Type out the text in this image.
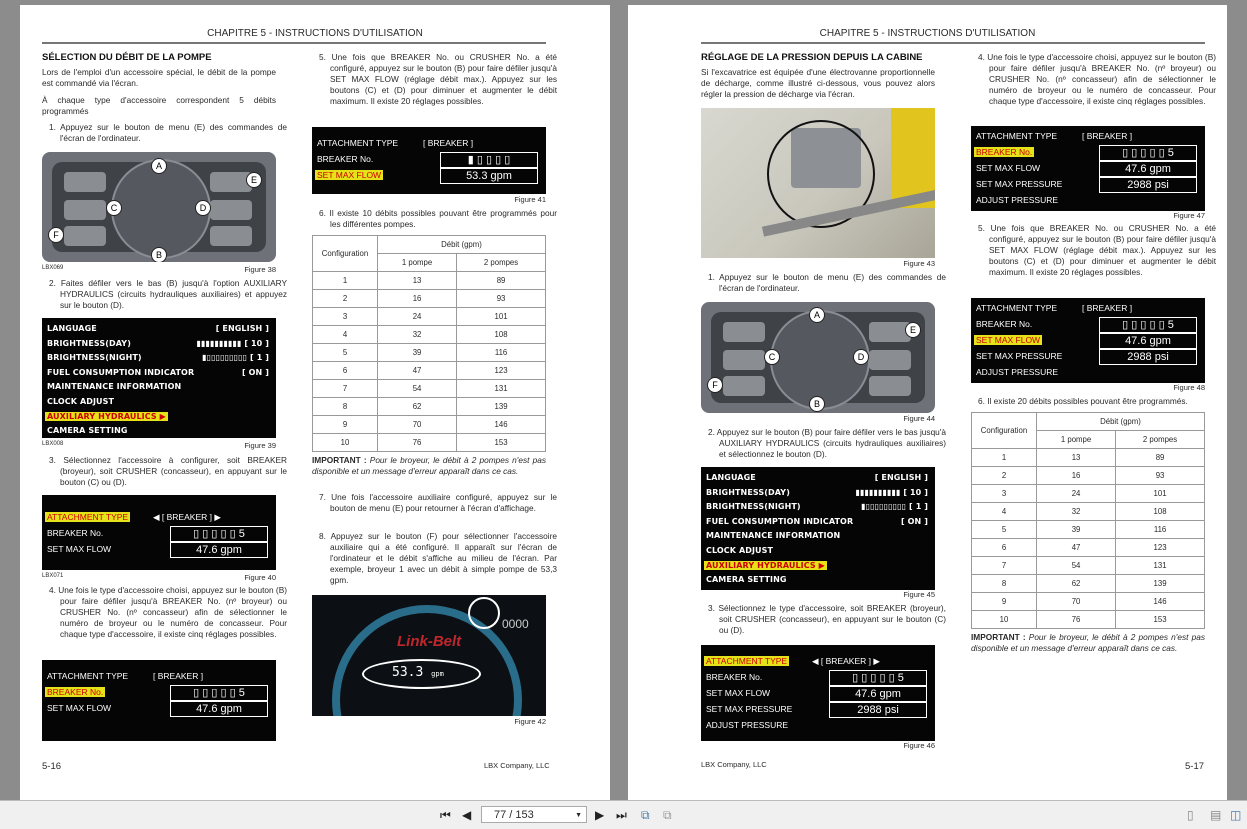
CHAPITRE 5 - INSTRUCTIONS D'UTILISATION	CHAPITRE 5 - INSTRUCTIONS D'UTILISATION
SÉLECTION DU DÉBIT DE LA POMPE
Lors de l'emploi d'un accessoire spécial, le débit de la pompe est commandé via l'écran.
À chaque type d'accessoire correspondent 5 débits programmés
1. Appuyez sur le bouton de menu (E) des commandes de l'écran de l'ordinateur.
A
B
C	D
E
F
LBX069	Figure 38
2. Faites défiler vers le bas (B) jusqu'à l'option AUXILIARY HYDRAULICS (circuits hydrauliques auxiliaires) et appuyez sur le bouton (D).
LANGUAGE	[ ENGLISH ]
BRIGHTNESS(DAY)	▮▮▮▮▮▮▮▮▮▮ [ 10 ]
BRIGHTNESS(NIGHT)	▮▯▯▯▯▯▯▯▯▯ [ 1 ]
FUEL CONSUMPTION INDICATOR	[ ON ]
MAINTENANCE INFORMATION
CLOCK ADJUST
AUXILIARY HYDRAULICS ▶
CAMERA SETTING
LBX008	Figure 39
3. Sélectionnez l'accessoire à configurer, soit BREAKER (broyeur), soit CRUSHER (concasseur), en appuyant sur le bouton (C) ou (D).
ATTACHMENT TYPE	◀ [ BREAKER ] ▶
BREAKER No.	▯ ▯ ▯ ▯ ▯ 5
SET MAX FLOW	47.6 gpm
LBX071	Figure 40
4. Une fois le type d'accessoire choisi, appuyez sur le bouton (B) pour faire défiler jusqu'à BREAKER No. (nº broyeur) ou CRUSHER No. (nº concasseur) afin de sélectionner le numéro de broyeur ou le numéro de concasseur. Pour chaque type d'accessoire, il existe cinq réglages possibles.
ATTACHMENT TYPE	[ BREAKER ]
BREAKER No.	▯ ▯ ▯ ▯ ▯ 5
SET MAX FLOW	47.6 gpm
5. Une fois que BREAKER No. ou CRUSHER No. a été configuré, appuyez sur le bouton (B) pour faire défiler jusqu'à SET MAX FLOW (réglage débit max.). Appuyez sur les boutons (C) et (D) pour diminuer et augmenter le débit maximum. Il existe 20 réglages possibles.
ATTACHMENT TYPE	[ BREAKER ]
BREAKER No.	▮ ▯ ▯ ▯ ▯
SET MAX FLOW	53.3 gpm
Figure 41
6. Il existe 10 débits possibles pouvant être programmés pour les différentes pompes.
Configuration	Débit (gpm)	
	1 pompe	2 pompes
1	13	89
2	16	93
3	24	101
4	32	108
5	39	116
6	47	123
7	54	131
8	62	139
9	70	146
10	76	153
IMPORTANT : Pour le broyeur, le débit à 2 pompes n'est pas disponible et un message d'erreur apparaît dans ce cas.
7. Une fois l'accessoire auxiliaire configuré, appuyez sur le bouton de menu (E) pour retourner à l'écran d'affichage.
8. Appuyez sur le bouton (F) pour sélectionner l'accessoire auxiliaire qui a été configuré. Il apparaît sur l'écran de l'ordinateur et le débit s'affiche au milieu de l'écran. Par exemple, broyeur 1 avec un débit à simple pompe de 53,3 gpm.
Link-Belt
53.3 gpm
0000
Figure 42
5-16	LBX Company, LLC
RÉGLAGE DE LA PRESSION DEPUIS LA CABINE
Si l'excavatrice est équipée d'une électrovanne proportionnelle de décharge, comme illustré ci-dessous, vous pouvez alors régler la pression de décharge via l'écran.
Figure 43
1. Appuyez sur le bouton de menu (E) des commandes de l'écran de l'ordinateur.
A
B
C	D
E
F
Figure 44
2. Appuyez sur le bouton (B) pour faire défiler vers le bas jusqu'à AUXILIARY HYDRAULICS (circuits hydrauliques auxiliaires) et sélectionnez le bouton (D).
LANGUAGE	[ ENGLISH ]
BRIGHTNESS(DAY)	▮▮▮▮▮▮▮▮▮▮ [ 10 ]
BRIGHTNESS(NIGHT)	▮▯▯▯▯▯▯▯▯▯ [ 1 ]
FUEL CONSUMPTION INDICATOR	[ ON ]
MAINTENANCE INFORMATION
CLOCK ADJUST
AUXILIARY HYDRAULICS ▶
CAMERA SETTING
Figure 45
3. Sélectionnez le type d'accessoire, soit BREAKER (broyeur), soit CRUSHER (concasseur), en appuyant sur le bouton (C) ou (D).
ATTACHMENT TYPE	◀ [ BREAKER ] ▶
BREAKER No.	▯ ▯ ▯ ▯ ▯ 5
SET MAX FLOW	47.6 gpm
SET MAX PRESSURE	2988 psi
ADJUST PRESSURE
Figure 46
LBX Company, LLC
4. Une fois le type d'accessoire choisi, appuyez sur le bouton (B) pour faire défiler jusqu'à BREAKER No. (nº broyeur) ou CRUSHER No. (nº concasseur) afin de sélectionner le numéro de broyeur ou le numéro de concasseur. Pour chaque type d'accessoire, il existe cinq réglages possibles.
ATTACHMENT TYPE	[ BREAKER ]
BREAKER No.	▯ ▯ ▯ ▯ ▯ 5
SET MAX FLOW	47.6 gpm
SET MAX PRESSURE	2988 psi
ADJUST PRESSURE
Figure 47
5. Une fois que BREAKER No. ou CRUSHER No. a été configuré, appuyez sur le bouton (B) pour faire défiler jusqu'à SET MAX FLOW (réglage débit max.). Appuyez sur les boutons (C) et (D) pour diminuer et augmenter le débit maximum. Il existe 20 réglages possibles.
ATTACHMENT TYPE	[ BREAKER ]
BREAKER No.	▯ ▯ ▯ ▯ ▯ 5
SET MAX FLOW	47.6 gpm
SET MAX PRESSURE	2988 psi
ADJUST PRESSURE
Figure 48
6. Il existe 20 débits possibles pouvant être programmés.
Configuration	Débit (gpm)	
	1 pompe	2 pompes
1	13	89
2	16	93
3	24	101
4	32	108
5	39	116
6	47	123
7	54	131
8	62	139
9	70	146
10	76	153
IMPORTANT : Pour le broyeur, le débit à 2 pompes n'est pas disponible et un message d'erreur apparaît dans ce cas.
5-17
⏮ ◀	77 / 153	▼ ▶ ⏭ ⧉ ⧉	▯ ▤ ◫
